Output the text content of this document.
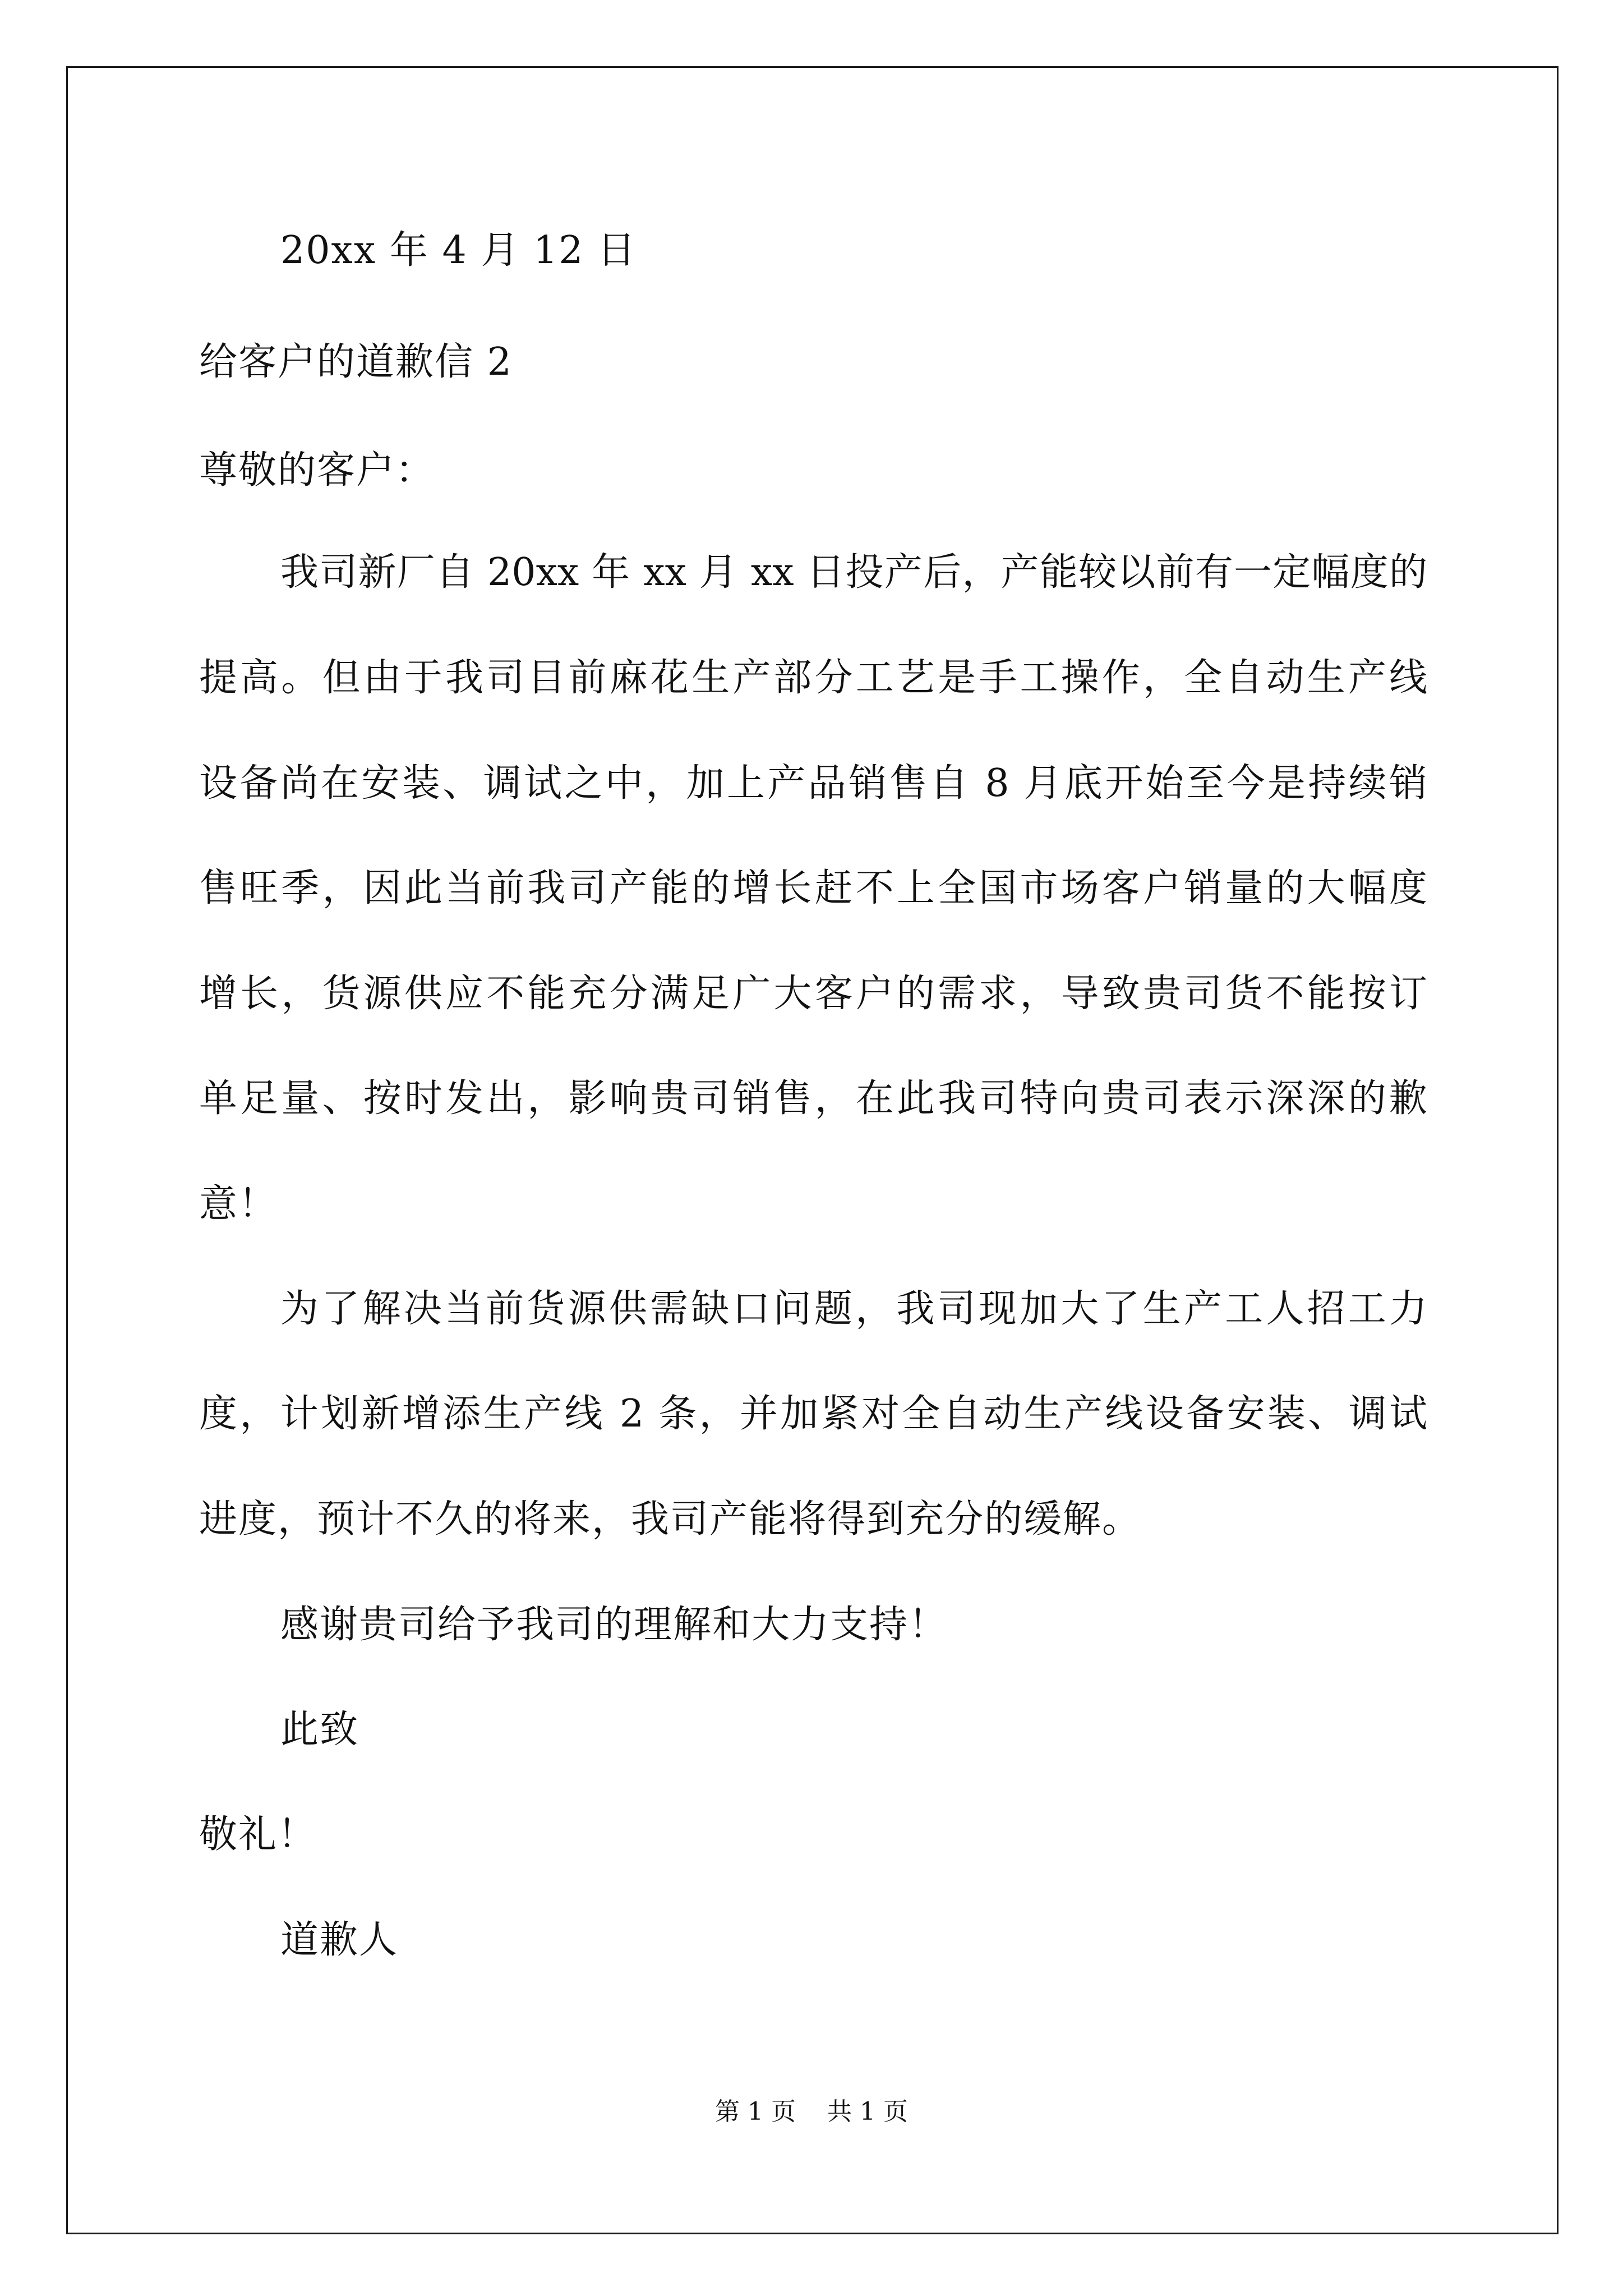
20xx 年 4 月 12 日
给客户的道歉信 2
尊敬的客户：
我司新厂自 20xx 年 xx 月 xx 日投产后，产能较以前有一定幅度的
提高。但由于我司目前麻花生产部分工艺是手工操作，全自动生产线
设备尚在安装、调试之中，加上产品销售自 8 月底开始至今是持续销
售旺季，因此当前我司产能的增长赶不上全国市场客户销量的大幅度
增长，货源供应不能充分满足广大客户的需求，导致贵司货不能按订
单足量、按时发出，影响贵司销售，在此我司特向贵司表示深深的歉
意！
为了解决当前货源供需缺口问题，我司现加大了生产工人招工力
度，计划新增添生产线 2 条，并加紧对全自动生产线设备安装、调试
进度，预计不久的将来，我司产能将得到充分的缓解。
感谢贵司给予我司的理解和大力支持！
此致
敬礼！
道歉人
第 1 页    共 1 页
